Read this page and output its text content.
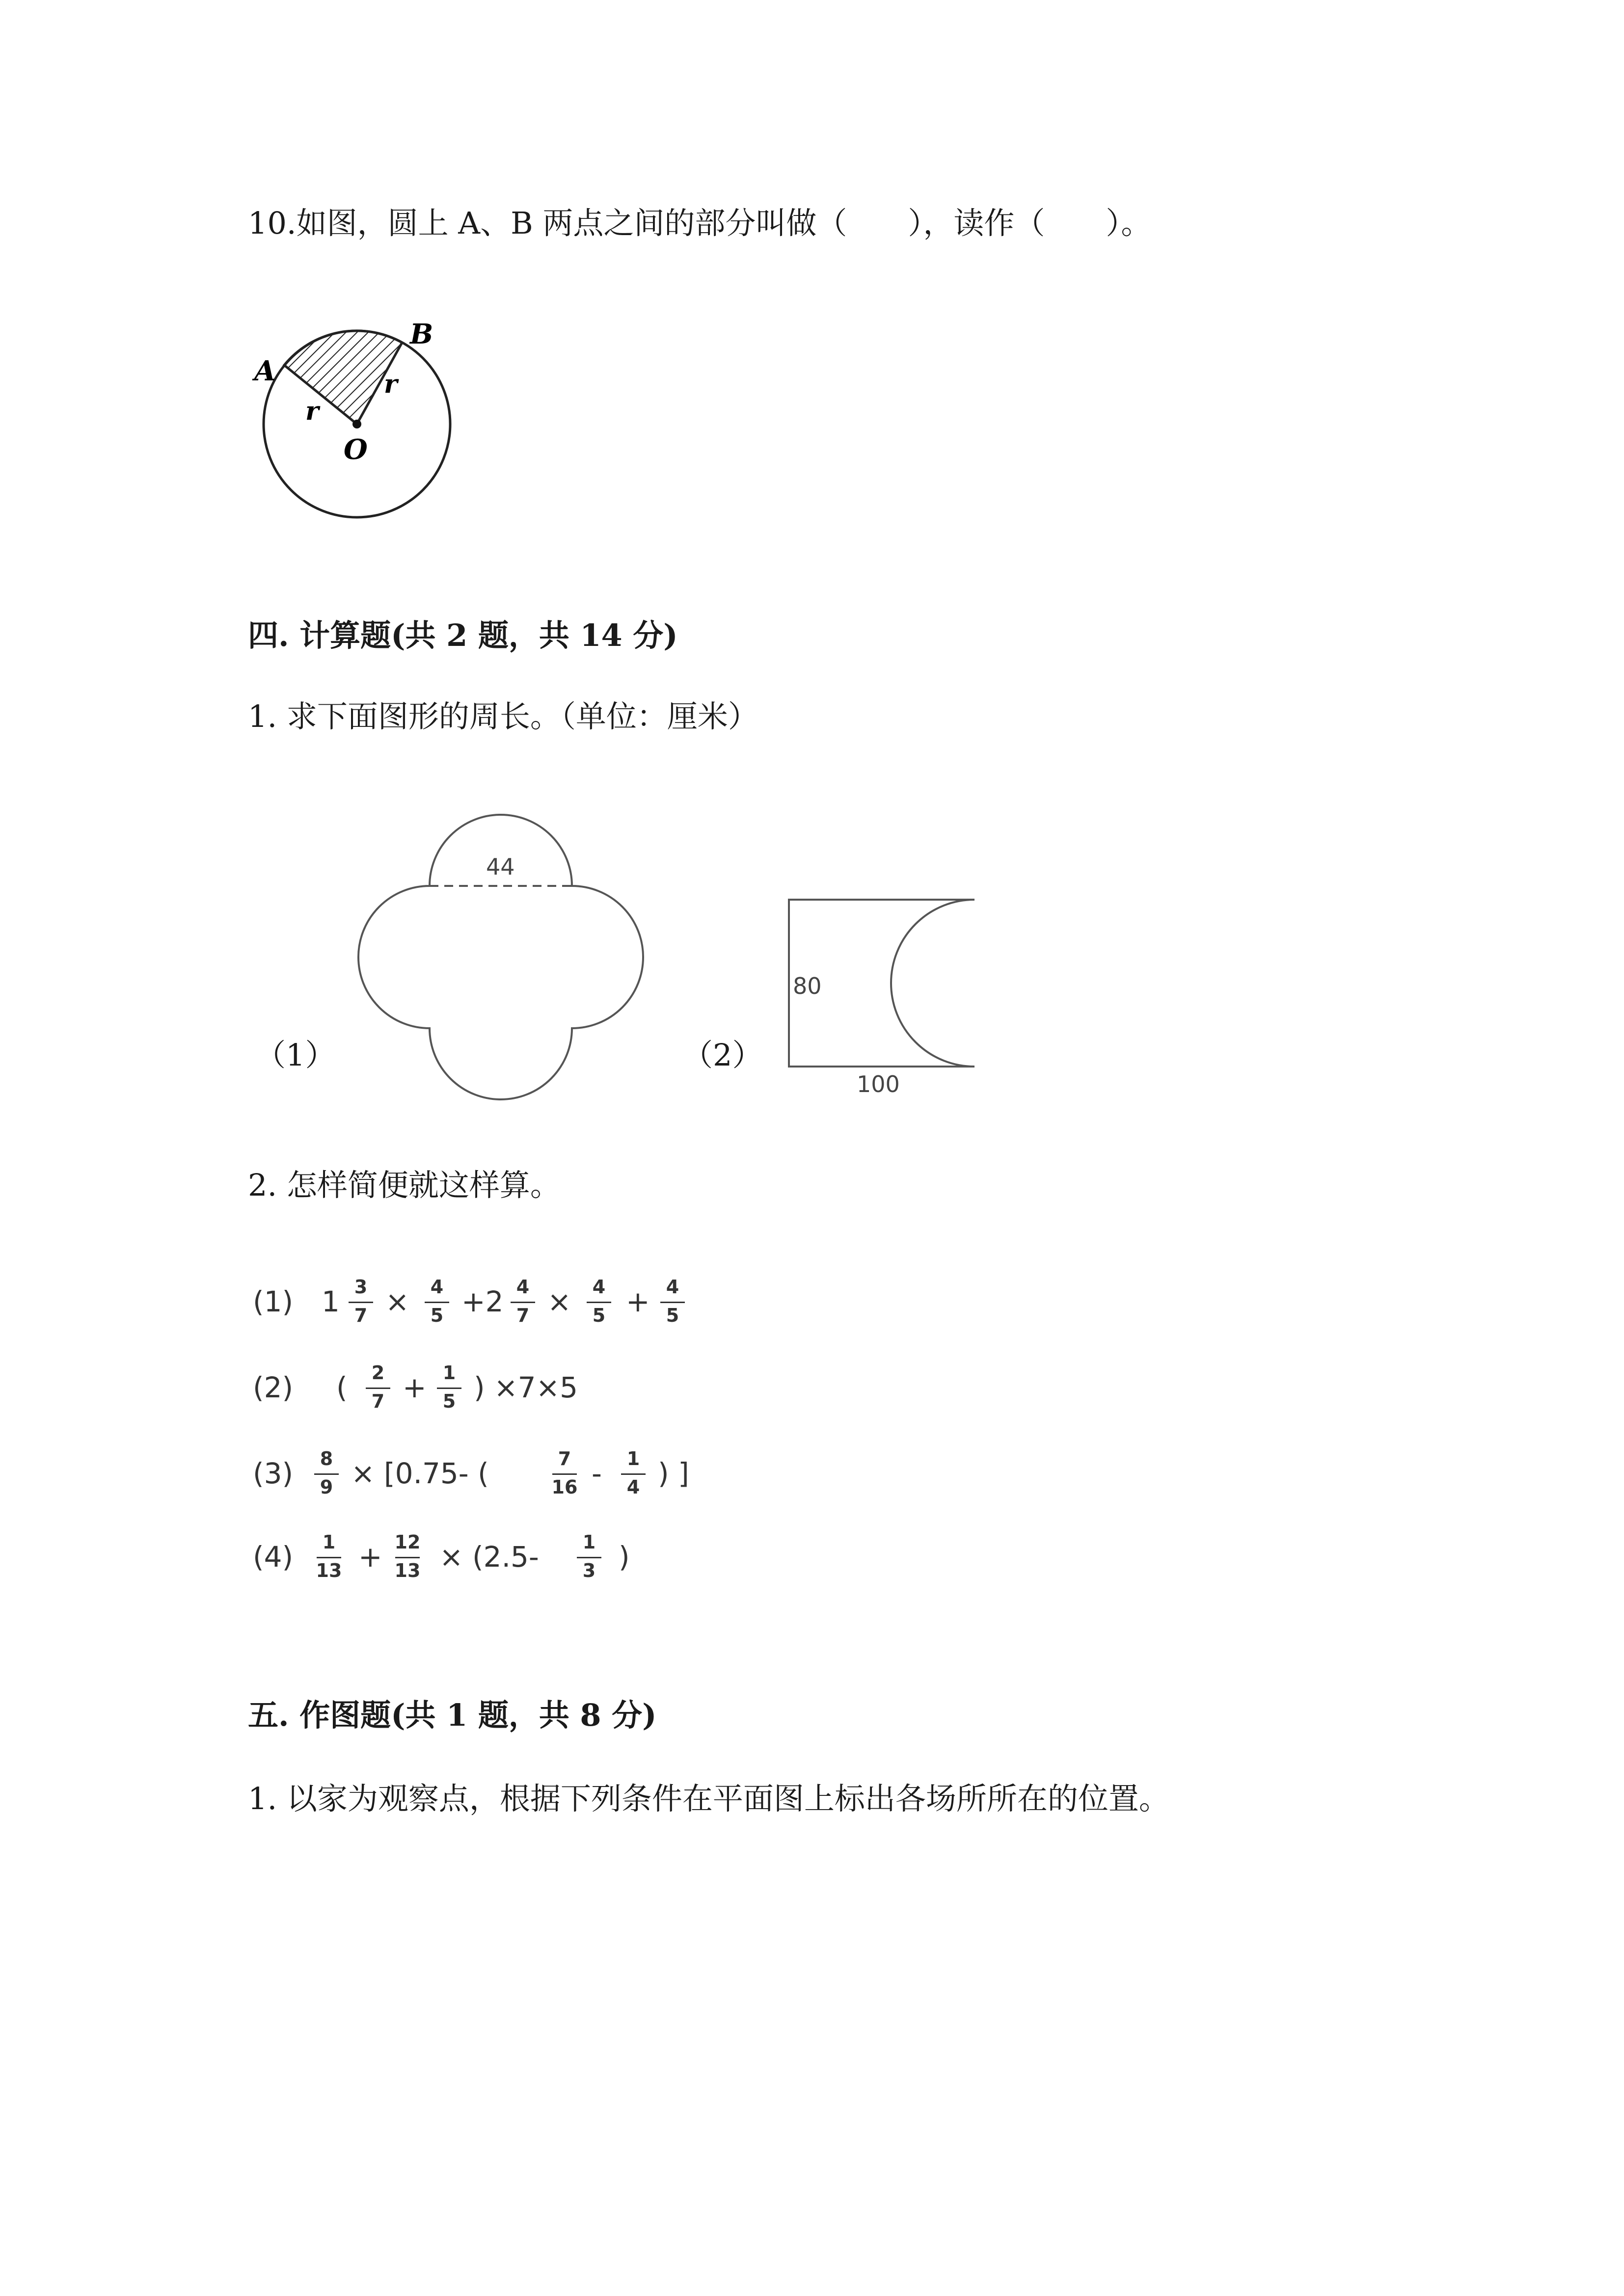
10.如图，圆上 A、B 两点之间的部分叫做（　　），读作（　　）。
A
B
O
r
r
四. 计算题(共 2 题，共 14 分)
1. 求下面图形的周长。（单位：厘米）
（1）
44
（2）
80
100
2. 怎样简便就这样算。
(1) 1 3
7 ×	4
5 +2 4
7 ×	4
5 + 4
5
(2) (	2
7 + 1
5 ) ×7×5
(3)	8
9 × [0.75- (	7
16 -	1
4 ) ]
(4)	1
13 + 12
13 × (2.5-	1
3 )
五. 作图题(共 1 题，共 8 分)
1. 以家为观察点，根据下列条件在平面图上标出各场所所在的位置。
